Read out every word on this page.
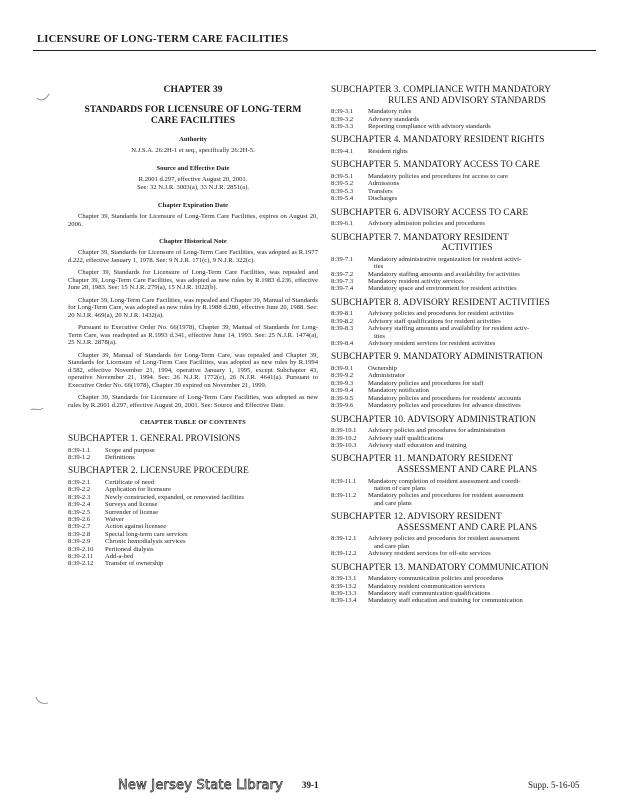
LICENSURE OF LONG-TERM CARE FACILITIES
CHAPTER 39
STANDARDS FOR LICENSURE OF LONG-TERM CARE FACILITIES
Authority
N.J.S.A. 26:2H-1 et seq., specifically 26:2H-5.
Source and Effective Date
R.2001 d.297, effective August 20, 2001.
See: 32 N.J.R. 3003(a), 33 N.J.R. 2851(a).
Chapter Expiration Date
Chapter 39, Standards for Licensure of Long-Term Care Facilities, expires on August 20, 2006.
Chapter Historical Note
Chapter 39, Standards for Licensure of Long-Term Care Facilities, was adopted as R.1977 d.222, effective January 1, 1978. See: 9 N.J.R. 171(c), 9 N.J.R. 322(c).
Chapter 39, Standards for Licensure of Long-Term Care Facilities, was repealed and Chapter 39, Long-Term Care Facilities, was adopted as new rules by R.1983 d.236, effective June 20, 1983. See: 15 N.J.R. 279(a), 15 N.J.R. 1022(b).
Chapter 39, Long-Term Care Facilities, was repealed and Chapter 39, Manual of Standards for Long-Term Care, was adopted as new rules by R.1988 d.280, effective June 20, 1988. See: 20 N.J.R. 469(a), 20 N.J.R. 1432(a).
Pursuant to Executive Order No. 66(1978), Chapter 39, Manual of Standards for Long-Term Care, was readopted as R.1993 d.341, effective June 14, 1993. See: 25 N.J.R. 1474(a), 25 N.J.R. 2878(a).
Chapter 39, Manual of Standards for Long-Term Care, was repealed and Chapter 39, Standards for Licensure of Long-Term Care Facilities, was adopted as new rules by R.1994 d.582, effective November 21, 1994, operative January 1, 1995, except Subchapter 43, operative November 21, 1994. See: 26 N.J.R. 1772(c), 26 N.J.R. 4641(a). Pursuant to Executive Order No. 66(1978), Chapter 39 expired on November 21, 1999.
Chapter 39, Standards for Licensure of Long-Term Care Facilities, was adopted as new rules by R.2001 d.297, effective August 20, 2001. See: Source and Effective Date.
CHAPTER TABLE OF CONTENTS
SUBCHAPTER 1. GENERAL PROVISIONS
8:39-1.1	Scope and purpose
8:39-1.2	Definitions
SUBCHAPTER 2. LICENSURE PROCEDURE
8:39-2.1	Certificate of need
8:39-2.2	Application for licensure
8:39-2.3	Newly constructed, expanded, or renovated facilities
8:39-2.4	Surveys and license
8:39-2.5	Surrender of license
8:39-2.6	Waiver
8:39-2.7	Action against licensee
8:39-2.8	Special long-term care services
8:39-2.9	Chronic hemodialysis services
8:39-2.10	Peritoneal dialysis
8:39-2.11	Add-a-bed
8:39-2.12	Transfer of ownership
SUBCHAPTER 3. COMPLIANCE WITH MANDATORY
RULES AND ADVISORY STANDARDS
8:39-3.1	Mandatory rules
8:39-3.2	Advisory standards
8:39-3.3	Reporting compliance with advisory standards
SUBCHAPTER 4. MANDATORY RESIDENT RIGHTS
8:39-4.1	Resident rights
SUBCHAPTER 5. MANDATORY ACCESS TO CARE
8:39-5.1	Mandatory policies and procedures for access to care
8:39-5.2	Admissions
8:39-5.3	Transfers
8:39-5.4	Discharges
SUBCHAPTER 6. ADVISORY ACCESS TO CARE
8:39-6.1	Advisory admission policies and procedures
SUBCHAPTER 7. MANDATORY RESIDENT
ACTIVITIES
8:39-7.1	Mandatory administrative organization for resident activi-
ties
8:39-7.2	Mandatory staffing amounts and availability for activities
8:39-7.3	Mandatory resident activity services
8:39-7.4	Mandatory space and environment for resident activities
SUBCHAPTER 8. ADVISORY RESIDENT ACTIVITIES
8:39-8.1	Advisory policies and procedures for resident activities
8:39-8.2	Advisory staff qualifications for resident activities
8:39-8.3	Advisory staffing amounts and availability for resident activ-
ities
8:39-8.4	Advisory resident services for resident activities
SUBCHAPTER 9. MANDATORY ADMINISTRATION
8:39-9.1	Ownership
8:39-9.2	Administrator
8:39-9.3	Mandatory policies and procedures for staff
8:39-9.4	Mandatory notification
8:39-9.5	Mandatory policies and procedures for residents' accounts
8:39-9.6	Mandatory policies and procedures for advance directives
SUBCHAPTER 10. ADVISORY ADMINISTRATION
8:39-10.1	Advisory policies and procedures for administration
8:39-10.2	Advisory staff qualifications
8:39-10.3	Advisory staff education and training
SUBCHAPTER 11. MANDATORY RESIDENT
ASSESSMENT AND CARE PLANS
8:39-11.1	Mandatory completion of resident assessment and coordi-
nation of care plans
8:39-11.2	Mandatory policies and procedures for resident assessment
and care plans
SUBCHAPTER 12. ADVISORY RESIDENT
ASSESSMENT AND CARE PLANS
8:39-12.1	Advisory policies and procedures for resident assessment
and care plan
8:39-12.2	Advisory resident services for off-site services
SUBCHAPTER 13. MANDATORY COMMUNICATION
8:39-13.1	Mandatory communication policies and procedures
8:39-13.2	Mandatory resident communication services
8:39-13.3	Mandatory staff communication qualifications
8:39-13.4	Mandatory staff education and training for communication
New Jersey State Library 39-1	Supp. 5-16-05
